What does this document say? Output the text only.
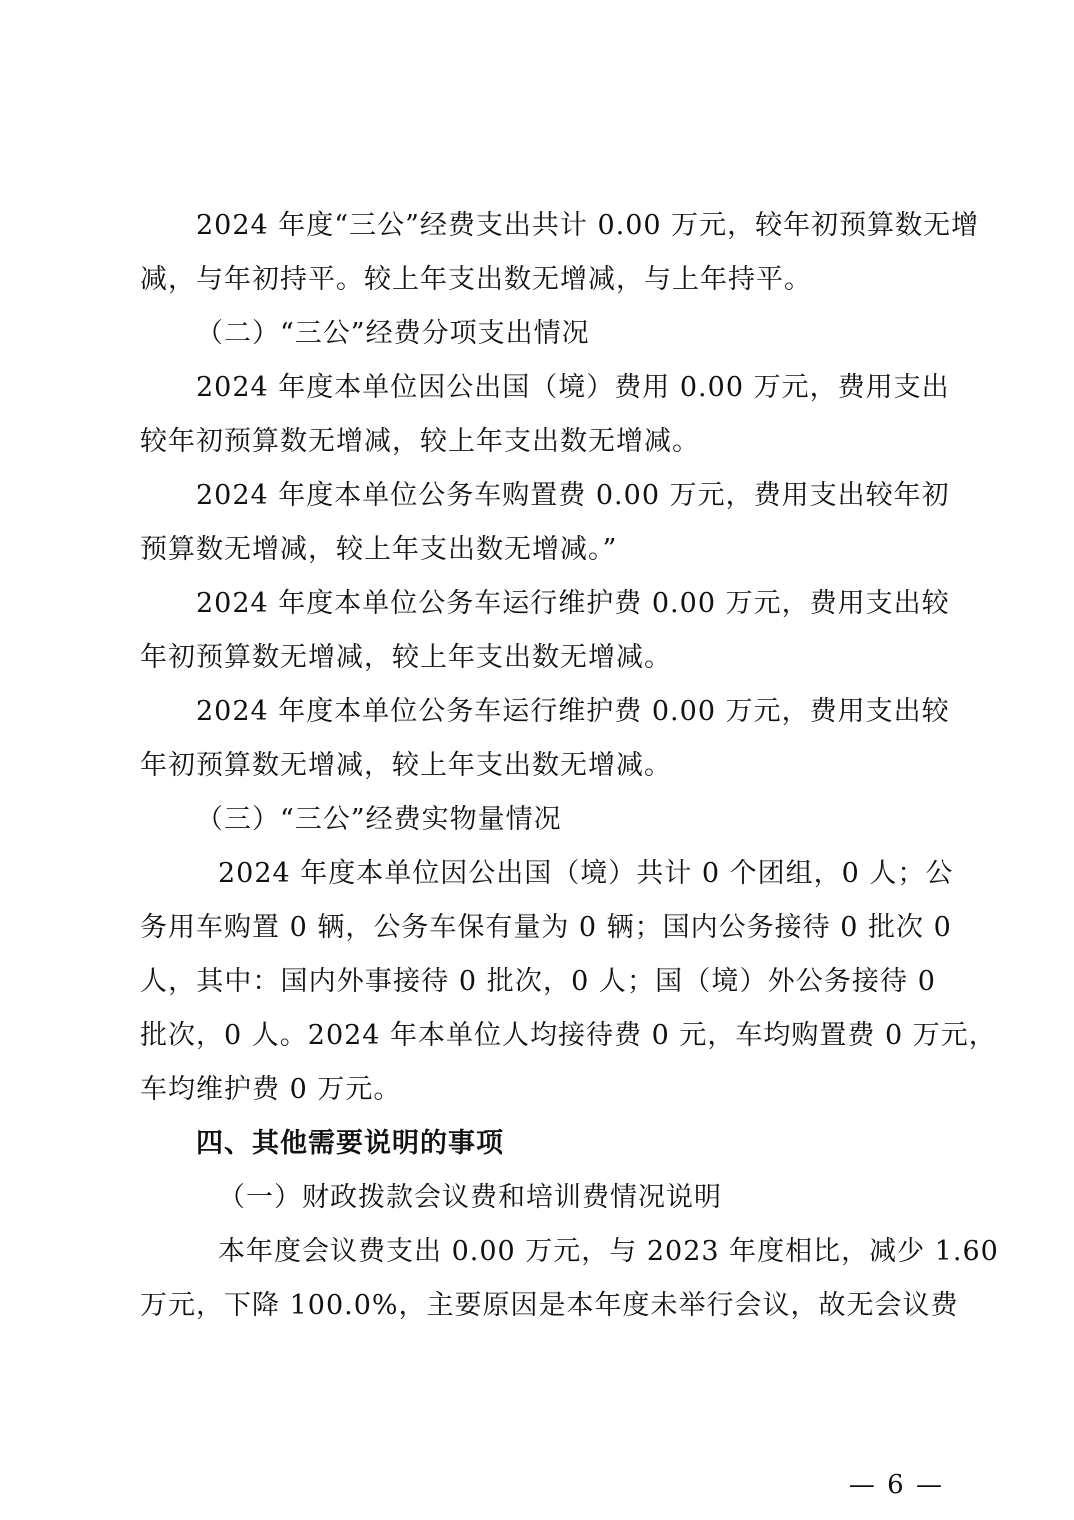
2024 年度“三公”经费支出共计 0.00 万元，较年初预算数无增
减，与年初持平。较上年支出数无增减，与上年持平。
（二）“三公”经费分项支出情况
2024 年度本单位因公出国（境）费用 0.00 万元，费用支出
较年初预算数无增减，较上年支出数无增减。
2024 年度本单位公务车购置费 0.00 万元，费用支出较年初
预算数无增减，较上年支出数无增减。”
2024 年度本单位公务车运行维护费 0.00 万元，费用支出较
年初预算数无增减，较上年支出数无增减。
2024 年度本单位公务车运行维护费 0.00 万元，费用支出较
年初预算数无增减，较上年支出数无增减。
（三）“三公”经费实物量情况
2024 年度本单位因公出国（境）共计 0 个团组，0 人；公
务用车购置 0 辆，公务车保有量为 0 辆；国内公务接待 0 批次 0
人，其中：国内外事接待 0 批次，0 人；国（境）外公务接待 0
批次，0 人。2024 年本单位人均接待费 0 元，车均购置费 0 万元，
车均维护费 0 万元。
四、其他需要说明的事项
（一）财政拨款会议费和培训费情况说明
本年度会议费支出 0.00 万元，与 2023 年度相比，减少 1.60
万元，下降 100.0%，主要原因是本年度未举行会议，故无会议费
— 6 —
